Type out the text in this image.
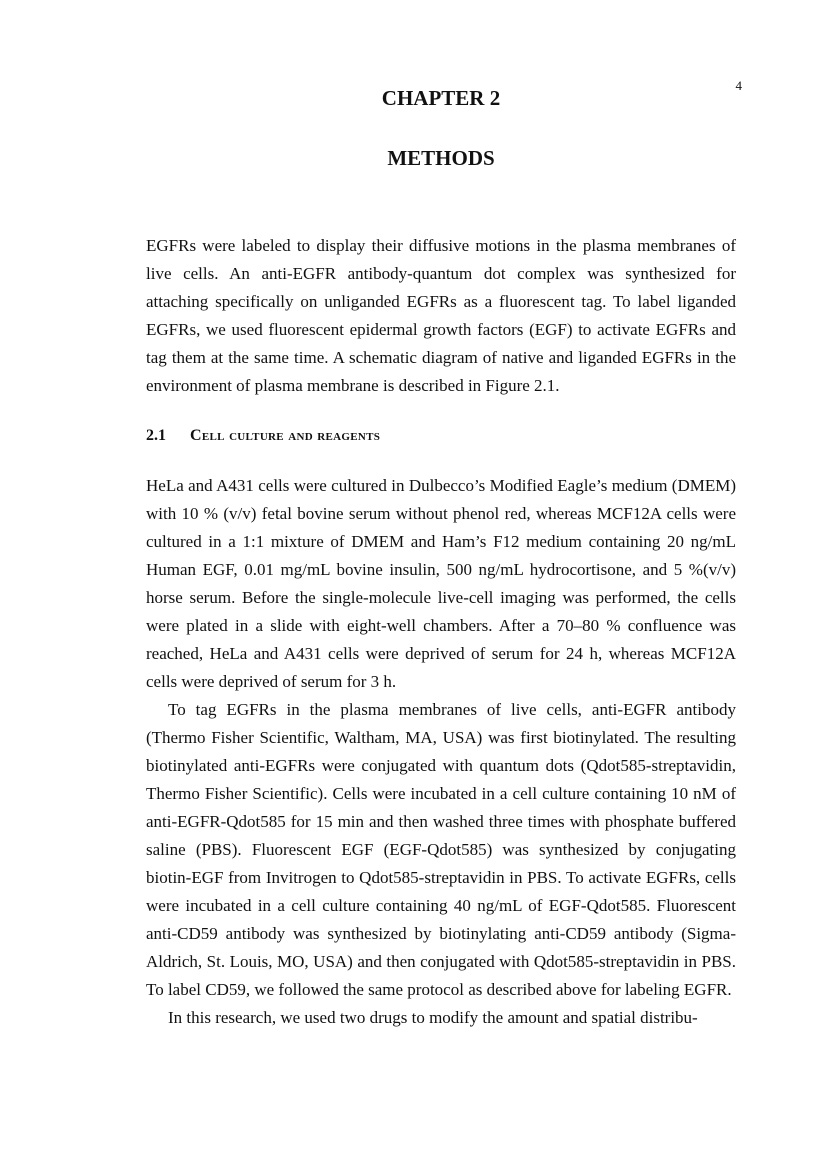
4
CHAPTER 2
METHODS

EGFRs were labeled to display their diffusive motions in the plasma membranes of live cells. An anti-EGFR antibody-quantum dot complex was synthesized for attaching specifically on unliganded EGFRs as a fluorescent tag. To label liganded EGFRs, we used fluorescent epidermal growth factors (EGF) to activate EGFRs and tag them at the same time. A schematic diagram of native and liganded EGFRs in the environment of plasma membrane is described in Figure 2.1.

2.1 Cell culture and reagents

HeLa and A431 cells were cultured in Dulbecco’s Modified Eagle’s medium (DMEM) with 10 % (v/v) fetal bovine serum without phenol red, whereas MCF12A cells were cultured in a 1:1 mixture of DMEM and Ham’s F12 medium containing 20 ng/mL Human EGF, 0.01 mg/mL bovine insulin, 500 ng/mL hydrocortisone, and 5 %(v/v) horse serum. Before the single-molecule live-cell imaging was performed, the cells were plated in a slide with eight-well chambers. After a 70–80 % confluence was reached, HeLa and A431 cells were deprived of serum for 24 h, whereas MCF12A cells were deprived of serum for 3 h.

To tag EGFRs in the plasma membranes of live cells, anti-EGFR antibody (Thermo Fisher Scientific, Waltham, MA, USA) was first biotinylated. The resulting biotinylated anti-EGFRs were conjugated with quantum dots (Qdot585-streptavidin, Thermo Fisher Scientific). Cells were incubated in a cell culture containing 10 nM of anti-EGFR-Qdot585 for 15 min and then washed three times with phosphate buffered saline (PBS). Fluorescent EGF (EGF-Qdot585) was synthesized by conjugating biotin-EGF from Invitrogen to Qdot585-streptavidin in PBS. To activate EGFRs, cells were incubated in a cell culture containing 40 ng/mL of EGF-Qdot585. Fluorescent anti-CD59 antibody was synthesized by biotinylating anti-CD59 antibody (Sigma-Aldrich, St. Louis, MO, USA) and then conjugated with Qdot585-streptavidin in PBS. To label CD59, we followed the same protocol as described above for labeling EGFR.

In this research, we used two drugs to modify the amount and spatial distribu-
